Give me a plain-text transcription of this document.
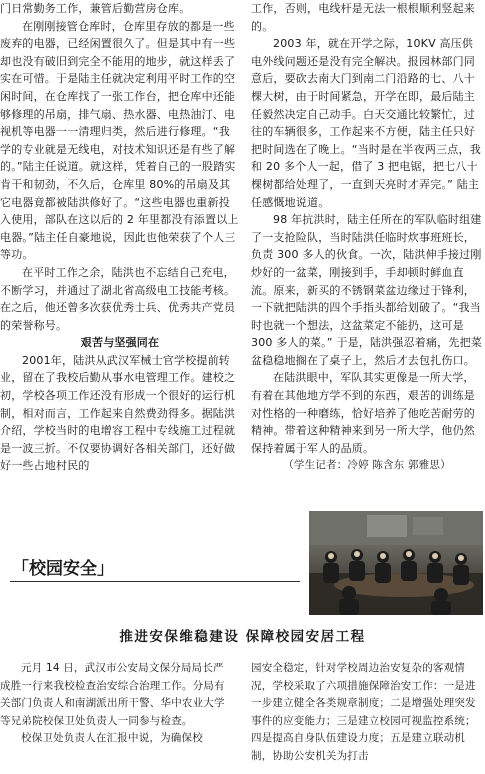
门日常勤务工作，兼管后勤营房仓库。

在刚刚接管仓库时，仓库里存放的都是一些废弃的电器，已经闲置很久了。但是其中有一些却也没有破旧到完全不能用的地步，就这样丢了实在可惜。于是陆主任就决定利用平时工作的空闲时间，在仓库找了一张工作台，把仓库中还能够修理的吊扇，排气扇、热水器、电热油汀、电视机等电器一一清理归类，然后进行修理。“我学的专业就是无线电，对技术知识还是有些了解的。”陆主任说道。就这样，凭着自己的一股踏实肯干和韧劲，不久后，仓库里 80%的吊扇及其它电器竟都被陆洪修好了。“这些电器也重新投入使用，部队在这以后的 2 年里都没有添置以上电器。”陆主任自豪地说，因此也他荣获了个人三等功。

在平时工作之余，陆洪也不忘结自己充电，不断学习，并通过了湖北省高级电工技能考核。在之后，他还曾多次获优秀士兵、优秀共产党员的荣誉称号。

艰苦与坚强同在

2001年，陆洪从武汉军械士官学校提前转业，留在了我校后勤从事水电管理工作。建校之初，学校各项工作还没有形成一个很好的运行机制，相对而言，工作起来自然费劲得多。据陆洪介绍，学校当时的电增容工程中专线施工过程就是一波三折。不仅要协调好各相关部门，还好做好一些占地村民的

工作，否则，电线杆是无法一根根顺利竖起来的。

2003 年，就在开学之际，10KV 高压供电外线问题还是没有完全解决。报园林部门同意后，要砍去南大门到南二门沿路的七、八十棵大树，由于时间紧急，开学在即，最后陆主任毅然决定自己动手。白天交通比较繁忙，过往的车辆很多，工作起来不方便，陆主任只好把时间选在了晚上。“当时是在半夜两三点，我和 20 多个人一起，借了 3 把电锯，把七八十棵树都给处理了，一直到天亮时才弄完。” 陆主任感慨地说道。

98 年抗洪时，陆主任所在的军队临时组建了一支抢险队，当时陆洪任临时炊事班班长，负责 300 多人的伙食。一次，陆洪伸手接过刚炒好的一盆菜，刚接到手，手却顿时鲜血直流。原来，新买的不锈钢菜盆边缘过于锋利，一下就把陆洪的四个手指头都给划破了。“我当时也就一个想法，这盆菜定不能扔，这可是 300 多人的菜。” 于是，陆洪强忍着痛，先把菜盆稳稳地搁在了桌子上，然后才去包扎伤口。

在陆洪眼中，军队其实更像是一所大学，有着在其他地方学不到的东西，艰苦的训练是对性格的一种磨练，恰好培养了他吃苦耐劳的精神。带着这种精神来到另一所大学，他仍然保持着属于军人的品质。

（学生记者：冷婷 陈含东 郭雅思）

「校园安全」
推进安保维稳建设 保障校园安居工程

元月 14 日，武汉市公安局文保分局局长严成胜一行来我校检查治安综合治理工作。分局有关部门负责人和南湖派出所干警、华中农业大学等兄弟院校保卫处负责人一同参与检查。

校保卫处负责人在汇报中说，为确保校

园安全稳定，针对学校周边治安复杂的客观情况，学校采取了六项措施保障治安工作：一是进一步建立健全各类规章制度；二是增强处理突发事件的应变能力；三是建立校园可视监控系统；四是提高自身队伍建设力度；五是建立联动机制，协助公安机关为打击
